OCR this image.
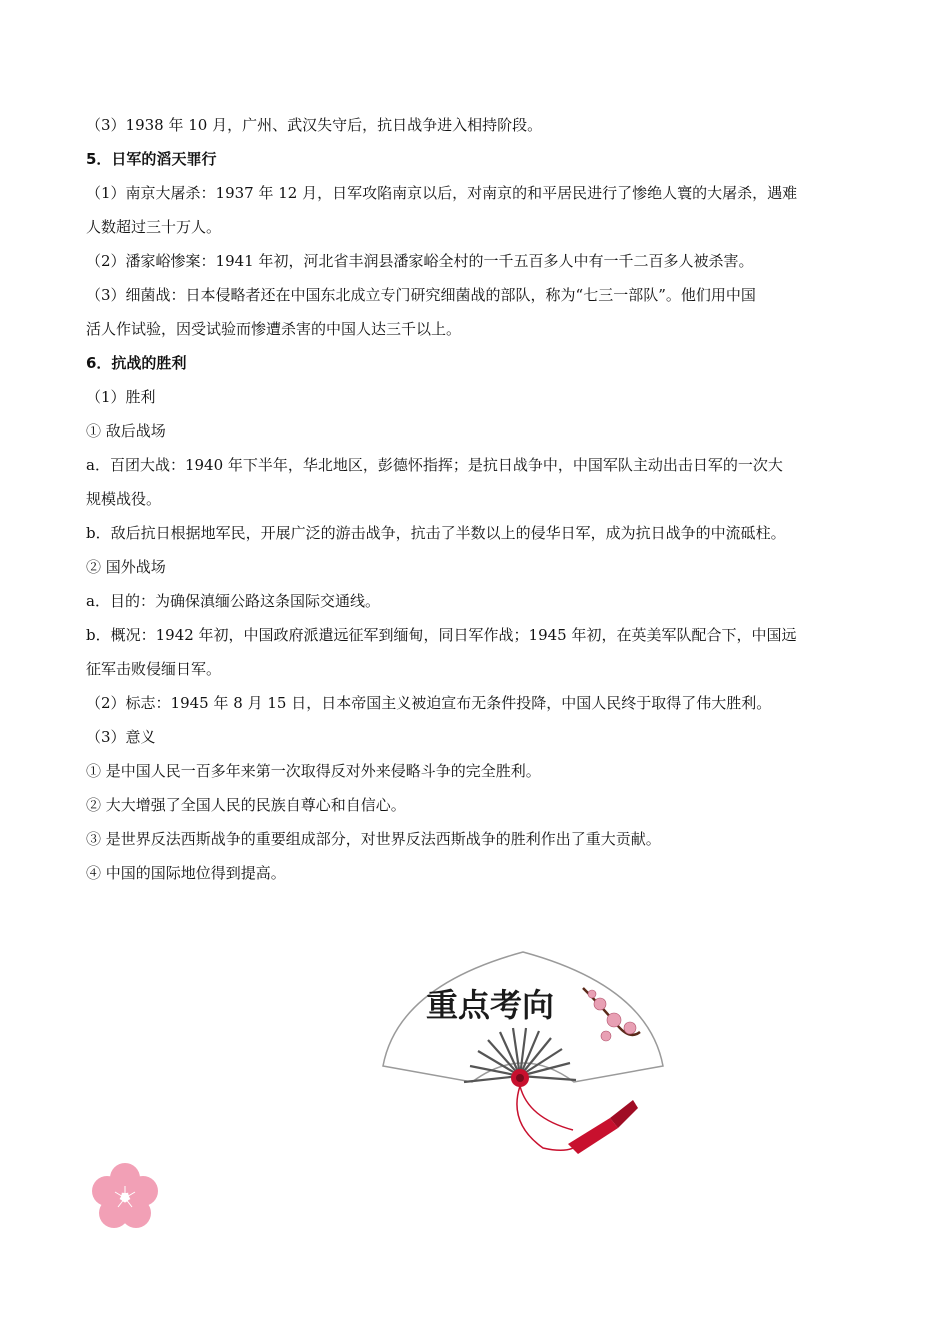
（3）1938 年 10 月，广州、武汉失守后，抗日战争进入相持阶段。
5．日军的滔天罪行
（1）南京大屠杀：1937 年 12 月，日军攻陷南京以后，对南京的和平居民进行了惨绝人寰的大屠杀，遇难
人数超过三十万人。
（2）潘家峪惨案：1941 年初，河北省丰润县潘家峪全村的一千五百多人中有一千二百多人被杀害。
（3）细菌战：日本侵略者还在中国东北成立专门研究细菌战的部队，称为“七三一部队”。他们用中国
活人作试验，因受试验而惨遭杀害的中国人达三千以上。
6．抗战的胜利
（1）胜利
① 敌后战场
a．百团大战：1940 年下半年，华北地区，彭德怀指挥；是抗日战争中，中国军队主动出击日军的一次大
规模战役。
b．敌后抗日根据地军民，开展广泛的游击战争，抗击了半数以上的侵华日军，成为抗日战争的中流砥柱。
② 国外战场
a．目的：为确保滇缅公路这条国际交通线。
b．概况：1942 年初，中国政府派遣远征军到缅甸，同日军作战；1945 年初，在英美军队配合下，中国远
征军击败侵缅日军。
（2）标志：1945 年 8 月 15 日，日本帝国主义被迫宣布无条件投降，中国人民终于取得了伟大胜利。
（3）意义
① 是中国人民一百多年来第一次取得反对外来侵略斗争的完全胜利。
② 大大增强了全国人民的民族自尊心和自信心。
③ 是世界反法西斯战争的重要组成部分，对世界反法西斯战争的胜利作出了重大贡献。
④ 中国的国际地位得到提高。
重点考向
